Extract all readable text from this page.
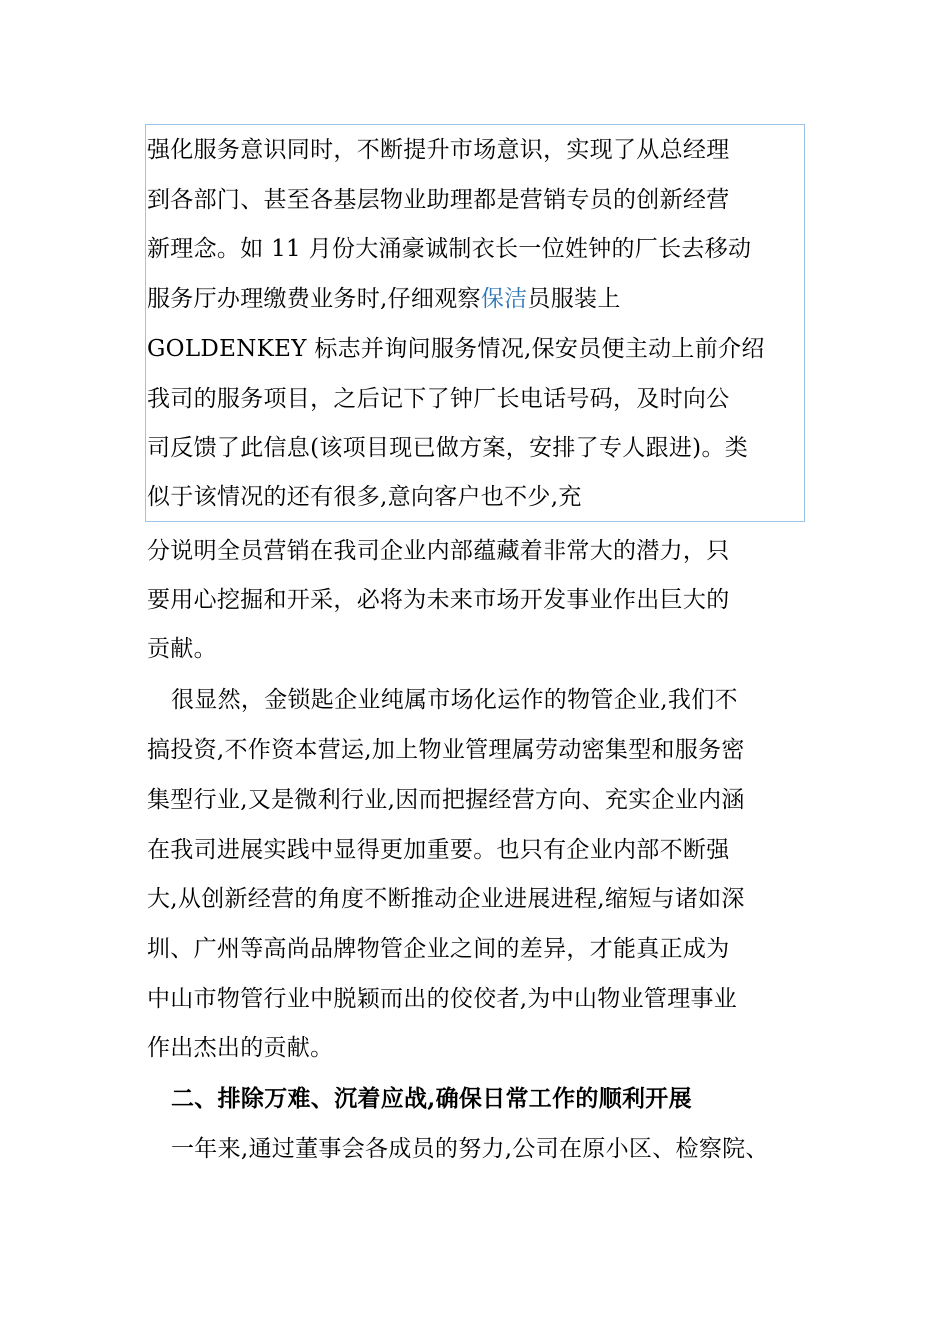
强化服务意识同时，不断提升市场意识，实现了从总经理
到各部门、甚至各基层物业助理都是营销专员的创新经营
新理念。如 11 月份大涌豪诚制衣长一位姓钟的厂长去移动
服务厅办理缴费业务时,仔细观察保洁员服装上
GOLDENKEY 标志并询问服务情况,保安员便主动上前介绍
我司的服务项目，之后记下了钟厂长电话号码，及时向公
司反馈了此信息(该项目现已做方案，安排了专人跟进)。类
似于该情况的还有很多,意向客户也不少,充
分说明全员营销在我司企业内部蕴藏着非常大的潜力，只
要用心挖掘和开采，必将为未来市场开发事业作出巨大的
贡献。
很显然，金锁匙企业纯属市场化运作的物管企业,我们不
搞投资,不作资本营运,加上物业管理属劳动密集型和服务密
集型行业,又是微利行业,因而把握经营方向、充实企业内涵
在我司进展实践中显得更加重要。也只有企业内部不断强
大,从创新经营的角度不断推动企业进展进程,缩短与诸如深
圳、广州等高尚品牌物管企业之间的差异，才能真正成为
中山市物管行业中脱颖而出的佼佼者,为中山物业管理事业
作出杰出的贡献。
二、排除万难、沉着应战,确保日常工作的顺利开展
一年来,通过董事会各成员的努力,公司在原小区、检察院、
